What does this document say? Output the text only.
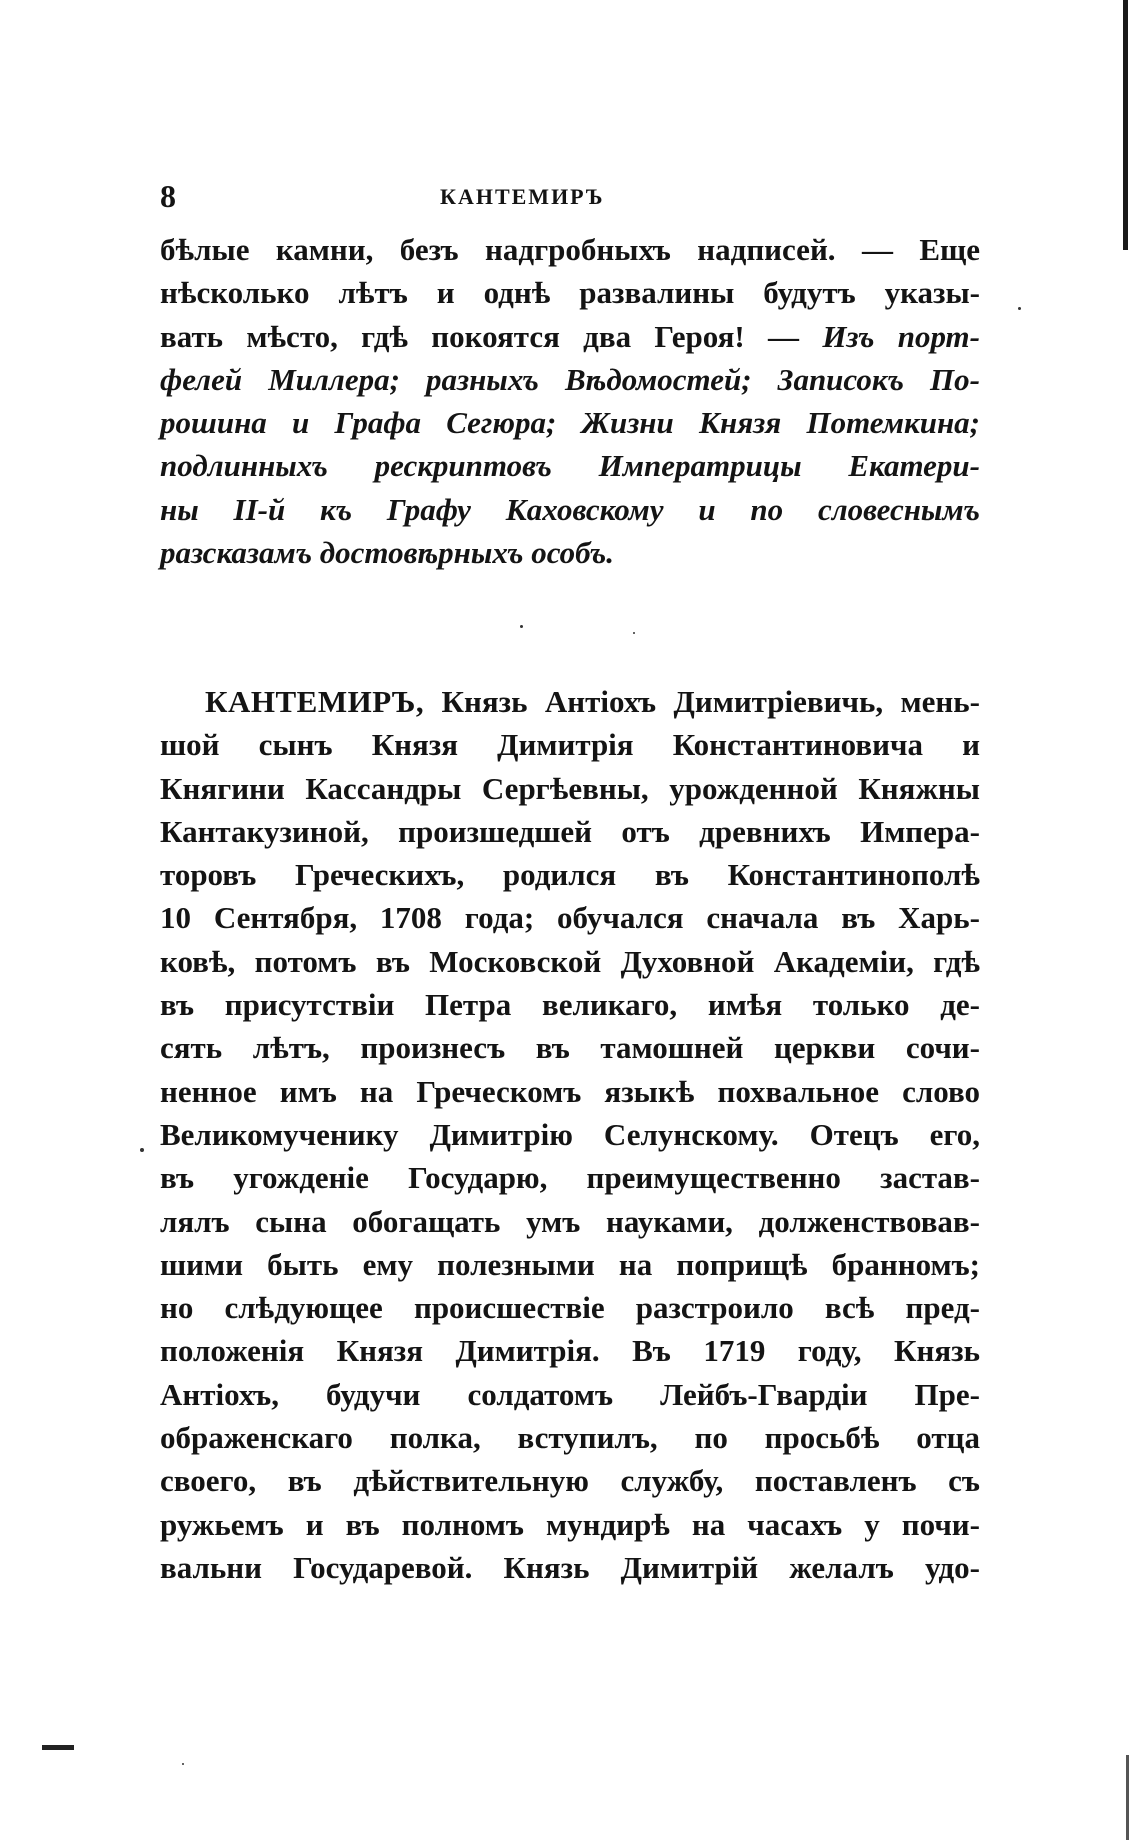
8	КАНТЕМИРЪ
бѣлые камни, безъ надгробныхъ надписей. — Еще
нѣсколько лѣтъ и однѣ развалины будутъ указы-
вать мѣсто, гдѣ покоятся два Героя! — Изъ порт-
фелей Миллера; разныхъ Вѣдомостей; Записокъ По-
рошина и Графа Сегюра; Жизни Князя Потемкина;
подлинныхъ рескриптовъ Императрицы Екатери-
ны II-й къ Графу Каховскому и по словеснымъ
разсказамъ достовѣрныхъ особъ.
КАНТЕМИРЪ, Князь Антіохъ Димитріевичь, мень-
шой сынъ Князя Димитрія Константиновича и
Княгини Кассандры Сергѣевны, урожденной Княжны
Кантакузиной, произшедшей отъ древнихъ Импера-
торовъ Греческихъ, родился въ Константинополѣ
10 Сентября, 1708 года; обучался сначала въ Харь-
ковѣ, потомъ въ Московской Духовной Академіи, гдѣ
въ присутствіи Петра великаго, имѣя только де-
сять лѣтъ, произнесъ въ тамошней церкви сочи-
ненное имъ на Греческомъ языкѣ похвальное слово
Великомученику Димитрію Селунскому. Отецъ его,
въ угожденіе Государю, преимущественно застав-
лялъ сына обогащать умъ науками, долженствовав-
шими быть ему полезными на поприщѣ бранномъ;
но слѣдующее происшествіе разстроило всѣ пред-
положенія Князя Димитрія. Въ 1719 году, Князь
Антіохъ, будучи солдатомъ Лейбъ-Гвардіи Пре-
ображенскаго полка, вступилъ, по просьбѣ отца
своего, въ дѣйствительную службу, поставленъ съ
ружьемъ и въ полномъ мундирѣ на часахъ у почи-
вальни Государевой. Князь Димитрій желалъ удо-
